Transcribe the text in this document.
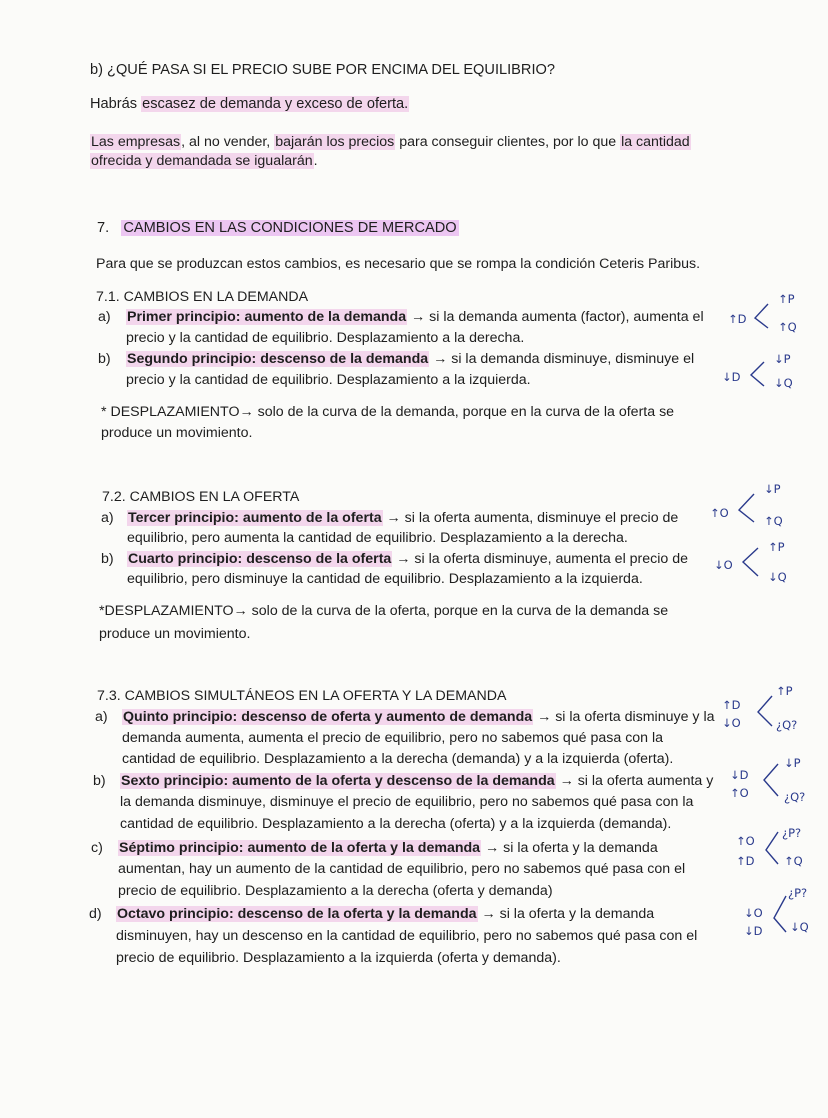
b) ¿QUÉ PASA SI EL PRECIO SUBE POR ENCIMA DEL EQUILIBRIO?
Habrás escasez de demanda y exceso de oferta.
Las empresas, al no vender, bajarán los precios para conseguir clientes, por lo que la cantidad
ofrecida y demandada se igualarán.
7. CAMBIOS EN LAS CONDICIONES DE MERCADO
Para que se produzcan estos cambios, es necesario que se rompa la condición Ceteris Paribus.
7.1. CAMBIOS EN LA DEMANDA
a) Primer principio: aumento de la demanda → si la demanda aumenta (factor), aumenta el
precio y la cantidad de equilibrio. Desplazamiento a la derecha.
b) Segundo principio: descenso de la demanda → si la demanda disminuye, disminuye el
precio y la cantidad de equilibrio. Desplazamiento a la izquierda.
* DESPLAZAMIENTO→ solo de la curva de la demanda, porque en la curva de la oferta se
produce un movimiento.
7.2. CAMBIOS EN LA OFERTA
a) Tercer principio: aumento de la oferta → si la oferta aumenta, disminuye el precio de
equilibrio, pero aumenta la cantidad de equilibrio. Desplazamiento a la derecha.
b) Cuarto principio: descenso de la oferta → si la oferta disminuye, aumenta el precio de
equilibrio, pero disminuye la cantidad de equilibrio. Desplazamiento a la izquierda.
*DESPLAZAMIENTO→ solo de la curva de la oferta, porque en la curva de la demanda se
produce un movimiento.
7.3. CAMBIOS SIMULTÁNEOS EN LA OFERTA Y LA DEMANDA
a) Quinto principio: descenso de oferta y aumento de demanda → si la oferta disminuye y la
demanda aumenta, aumenta el precio de equilibrio, pero no sabemos qué pasa con la
cantidad de equilibrio. Desplazamiento a la derecha (demanda) y a la izquierda (oferta).
b) Sexto principio: aumento de la oferta y descenso de la demanda → si la oferta aumenta y
la demanda disminuye, disminuye el precio de equilibrio, pero no sabemos qué pasa con la
cantidad de equilibrio. Desplazamiento a la derecha (oferta) y a la izquierda (demanda).
c) Séptimo principio: aumento de la oferta y la demanda → si la oferta y la demanda
aumentan, hay un aumento de la cantidad de equilibrio, pero no sabemos qué pasa con el
precio de equilibrio. Desplazamiento a la derecha (oferta y demanda)
d) Octavo principio: descenso de la oferta y la demanda → si la oferta y la demanda
disminuyen, hay un descenso en la cantidad de equilibrio, pero no sabemos qué pasa con el
precio de equilibrio. Desplazamiento a la izquierda (oferta y demanda).
↑D
↑P
↑Q
↓D
↓P
↓Q
↑O
↓P
↑Q
↓O
↑P
↓Q
↑D
↓O
↑P
¿Q?
↓D
↑O
↓P
¿Q?
↑O
↑D
¿P?
↑Q
↓O
↓D
¿P?
↓Q
